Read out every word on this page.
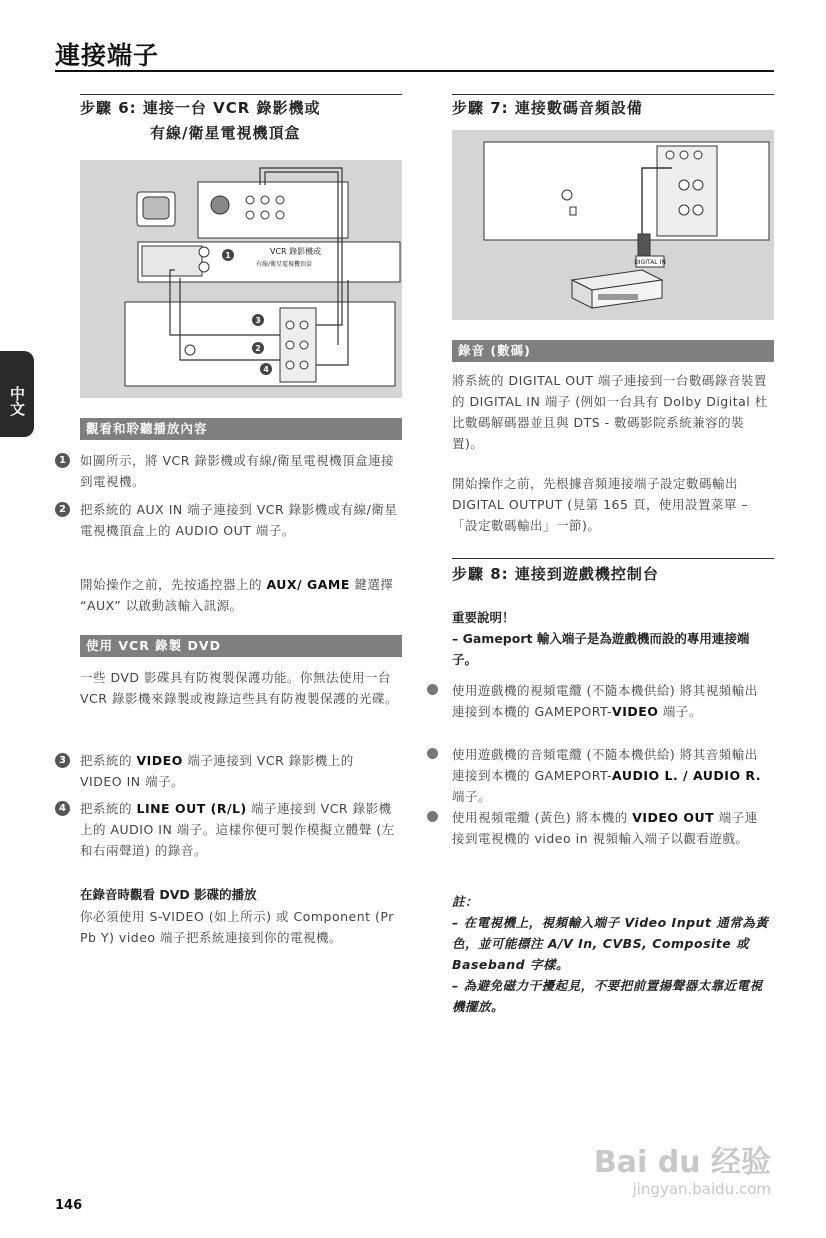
連接端子
中文
步驟 6: 連接一台 VCR 錄影機或
有線/衛星電視機頂盒
VCR 錄影機或
有線/衛星電視機頂盒
1
3
2
4
觀看和聆聽播放內容
1	如圖所示，將 VCR 錄影機或有線/衛星電視機頂盒連接到電視機。
2	把系統的 AUX IN 端子連接到 VCR 錄影機或有線/衛星電視機頂盒上的 AUDIO OUT 端子。
開始操作之前，先按遙控器上的 AUX/ GAME 鍵選擇 “AUX” 以啟動該輸入訊源。
使用 VCR 錄製 DVD
一些 DVD 影碟具有防複製保護功能。你無法使用一台 VCR 錄影機來錄製或複錄這些具有防複製保護的光碟。
3	把系統的 VIDEO 端子連接到 VCR 錄影機上的 VIDEO IN 端子。
4	把系統的 LINE OUT (R/L) 端子連接到 VCR 錄影機上的 AUDIO IN 端子。這樣你便可製作模擬立體聲 (左和右兩聲道) 的錄音。
在錄音時觀看 DVD 影碟的播放
你必須使用 S-VIDEO (如上所示) 或 Component (Pr Pb Y) video 端子把系統連接到你的電視機。
步驟 7: 連接數碼音頻設備
DIGITAL IN
錄音 (數碼)
將系統的 DIGITAL OUT 端子連接到一台數碼錄音裝置的 DIGITAL IN 端子 (例如一台具有 Dolby Digital 杜比數碼解碼器並且與 DTS - 數碼影院系統兼容的裝置)。
開始操作之前，先根據音頻連接端子設定數碼輸出 DIGITAL OUTPUT (見第 165 頁，使用設置菜單 – 「設定數碼輸出」一節)。
步驟 8: 連接到遊戲機控制台
重要說明！
– Gameport 輸入端子是為遊戲機而設的專用連接端子。
使用遊戲機的視頻電纜 (不隨本機供給) 將其視頻輸出連接到本機的 GAMEPORT-VIDEO 端子。
使用遊戲機的音頻電纜 (不隨本機供給) 將其音頻輸出連接到本機的 GAMEPORT-AUDIO L. / AUDIO R. 端子。
使用視頻電纜 (黃色) 將本機的 VIDEO OUT 端子連接到電視機的 video in 視頻輸入端子以觀看遊戲。
註：
– 在電視機上，視頻輸入端子 Video Input 通常為黃色，並可能標注 A/V In, CVBS, Composite 或 Baseband 字樣。
– 為避免磁力干擾起見，不要把前置揚聲器太靠近電視機擺放。
146
Bai du 经验
jingyan.baidu.com
